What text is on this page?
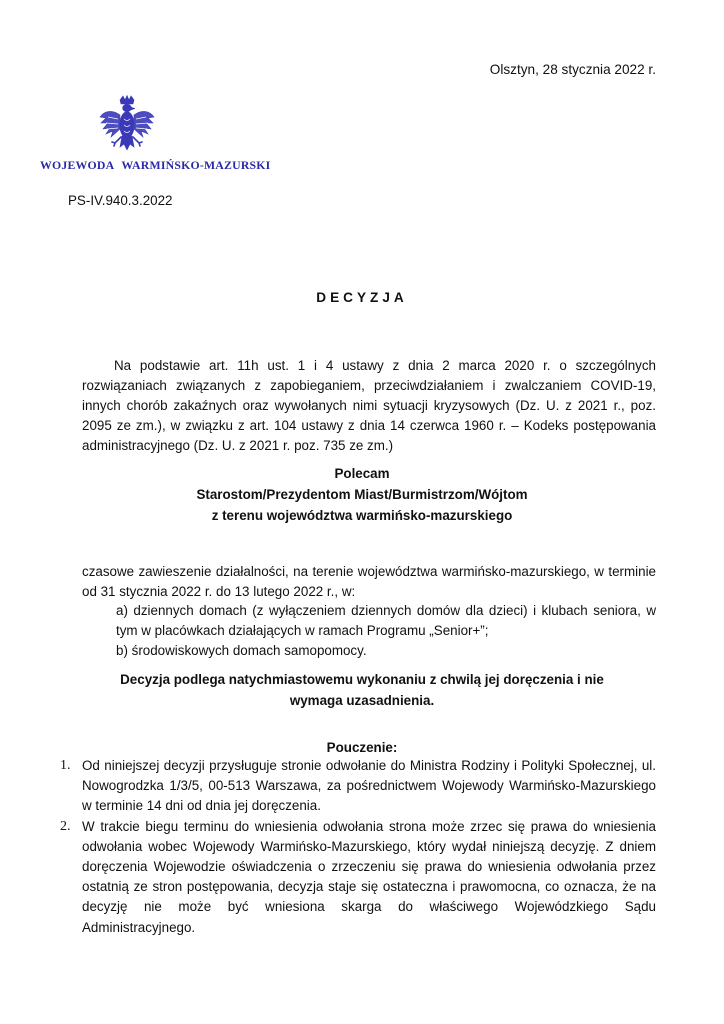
Olsztyn, 28 stycznia 2022 r.
WOJEWODA WARMIŃSKO-MAZURSKI
PS-IV.940.3.2022
DECYZJA
Na podstawie art. 11h ust. 1 i 4 ustawy z dnia 2 marca 2020 r. o szczególnych rozwiązaniach związanych z zapobieganiem, przeciwdziałaniem i zwalczaniem COVID-19, innych chorób zakaźnych oraz wywołanych nimi sytuacji kryzysowych (Dz. U. z 2021 r., poz. 2095 ze zm.), w związku z art. 104 ustawy z dnia 14 czerwca 1960 r. – Kodeks postępowania administracyjnego (Dz. U. z 2021 r. poz. 735 ze zm.)
Polecam
Starostom/Prezydentom Miast/Burmistrzom/Wójtom
z terenu województwa warmińsko-mazurskiego
czasowe zawieszenie działalności, na terenie województwa warmińsko-mazurskiego, w terminie od 31 stycznia 2022 r. do 13 lutego 2022 r., w:
a) dziennych domach (z wyłączeniem dziennych domów dla dzieci) i klubach seniora, w tym w placówkach działających w ramach Programu „Senior+”;
b) środowiskowych domach samopomocy.
Decyzja podlega natychmiastowemu wykonaniu z chwilą jej doręczenia i nie wymaga uzasadnienia.
Pouczenie:
1. Od niniejszej decyzji przysługuje stronie odwołanie do Ministra Rodziny i Polityki Społecznej, ul. Nowogrodzka 1/3/5, 00-513 Warszawa, za pośrednictwem Wojewody Warmińsko-Mazurskiego w terminie 14 dni od dnia jej doręczenia.
2. W trakcie biegu terminu do wniesienia odwołania strona może zrzec się prawa do wniesienia odwołania wobec Wojewody Warmińsko-Mazurskiego, który wydał niniejszą decyzję. Z dniem doręczenia Wojewodzie oświadczenia o zrzeczeniu się prawa do wniesienia odwołania przez ostatnią ze stron postępowania, decyzja staje się ostateczna i prawomocna, co oznacza, że na decyzję nie może być wniesiona skarga do właściwego Wojewódzkiego Sądu Administracyjnego.
